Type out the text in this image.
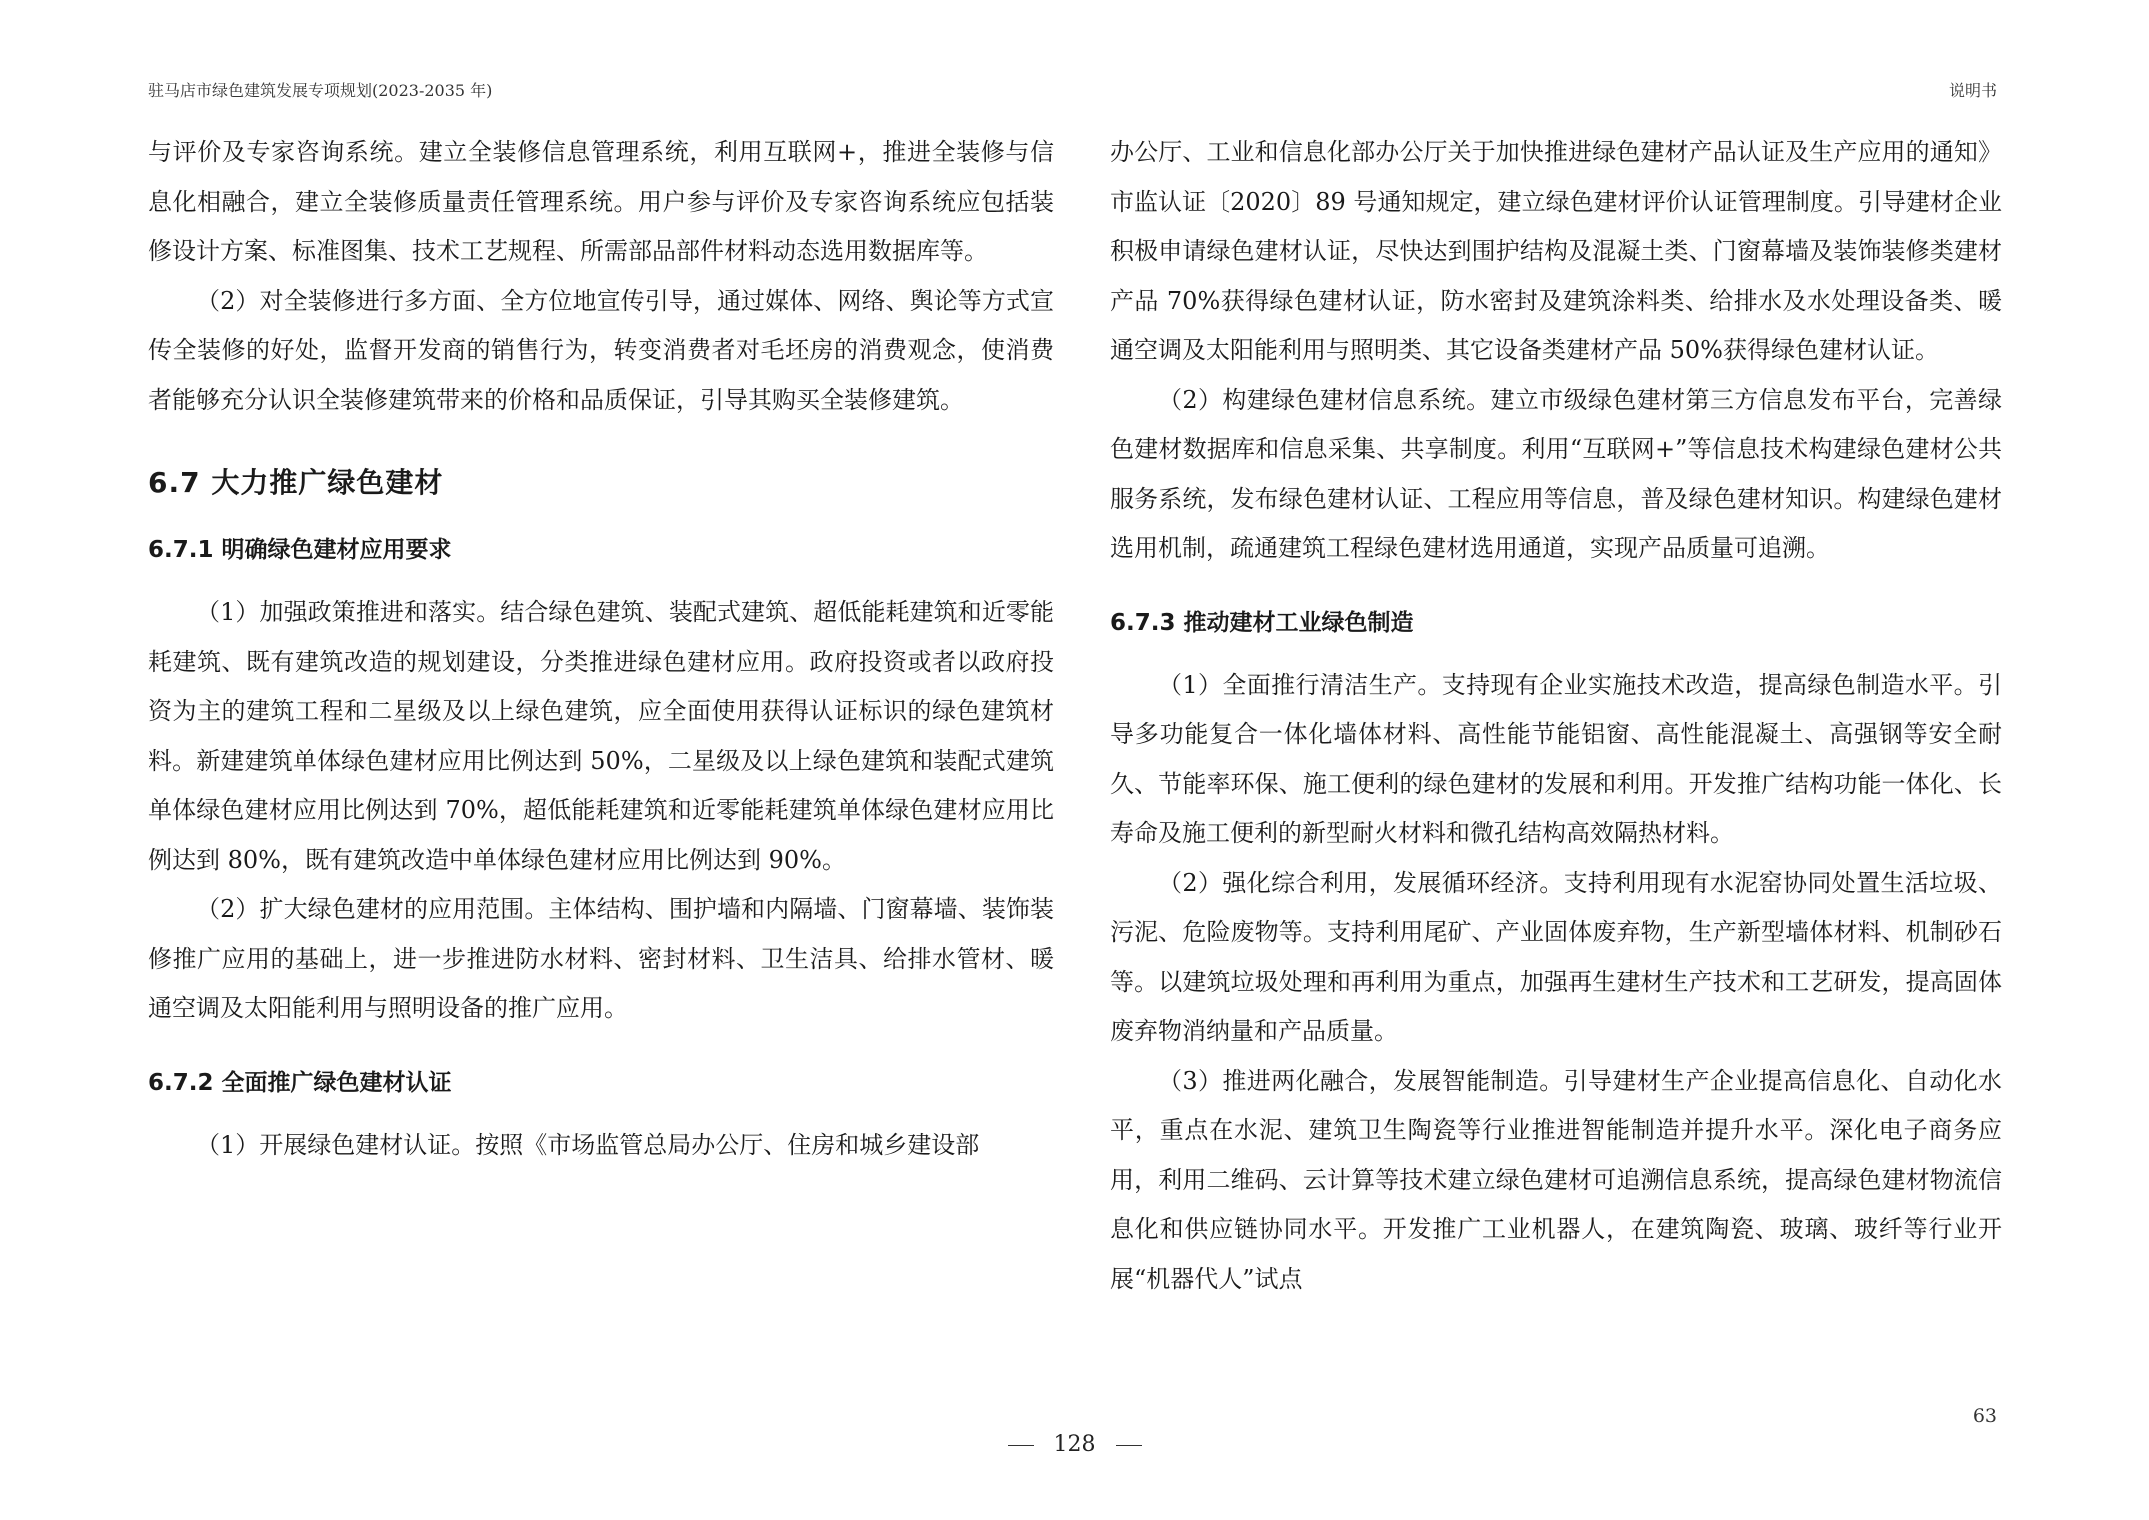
驻马店市绿色建筑发展专项规划(2023-2035 年)	说明书

与评价及专家咨询系统。建立全装修信息管理系统，利用互联网+，推进全装修与信息化相融合，建立全装修质量责任管理系统。用户参与评价及专家咨询系统应包括装修设计方案、标准图集、技术工艺规程、所需部品部件材料动态选用数据库等。

（2）对全装修进行多方面、全方位地宣传引导，通过媒体、网络、舆论等方式宣传全装修的好处，监督开发商的销售行为，转变消费者对毛坯房的消费观念，使消费者能够充分认识全装修建筑带来的价格和品质保证，引导其购买全装修建筑。

6.7 大力推广绿色建材
6.7.1 明确绿色建材应用要求

（1）加强政策推进和落实。结合绿色建筑、装配式建筑、超低能耗建筑和近零能耗建筑、既有建筑改造的规划建设，分类推进绿色建材应用。政府投资或者以政府投资为主的建筑工程和二星级及以上绿色建筑，应全面使用获得认证标识的绿色建筑材料。新建建筑单体绿色建材应用比例达到 50%，二星级及以上绿色建筑和装配式建筑单体绿色建材应用比例达到 70%，超低能耗建筑和近零能耗建筑单体绿色建材应用比例达到 80%，既有建筑改造中单体绿色建材应用比例达到 90%。

（2）扩大绿色建材的应用范围。主体结构、围护墙和内隔墙、门窗幕墙、装饰装修推广应用的基础上，进一步推进防水材料、密封材料、卫生洁具、给排水管材、暖通空调及太阳能利用与照明设备的推广应用。

6.7.2 全面推广绿色建材认证

（1）开展绿色建材认证。按照《市场监管总局办公厅、住房和城乡建设部

办公厅、工业和信息化部办公厅关于加快推进绿色建材产品认证及生产应用的通知》市监认证〔2020〕89 号通知规定，建立绿色建材评价认证管理制度。引导建材企业积极申请绿色建材认证，尽快达到围护结构及混凝土类、门窗幕墙及装饰装修类建材产品 70%获得绿色建材认证，防水密封及建筑涂料类、给排水及水处理设备类、暖通空调及太阳能利用与照明类、其它设备类建材产品 50%获得绿色建材认证。

（2）构建绿色建材信息系统。建立市级绿色建材第三方信息发布平台，完善绿色建材数据库和信息采集、共享制度。利用“互联网+”等信息技术构建绿色建材公共服务系统，发布绿色建材认证、工程应用等信息，普及绿色建材知识。构建绿色建材选用机制，疏通建筑工程绿色建材选用通道，实现产品质量可追溯。

6.7.3 推动建材工业绿色制造

（1）全面推行清洁生产。支持现有企业实施技术改造，提高绿色制造水平。引导多功能复合一体化墙体材料、高性能节能铝窗、高性能混凝土、高强钢等安全耐久、节能率环保、施工便利的绿色建材的发展和利用。开发推广结构功能一体化、长寿命及施工便利的新型耐火材料和微孔结构高效隔热材料。

（2）强化综合利用，发展循环经济。支持利用现有水泥窑协同处置生活垃圾、污泥、危险废物等。支持利用尾矿、产业固体废弃物，生产新型墙体材料、机制砂石等。以建筑垃圾处理和再利用为重点，加强再生建材生产技术和工艺研发，提高固体废弃物消纳量和产品质量。

（3）推进两化融合，发展智能制造。引导建材生产企业提高信息化、自动化水平，重点在水泥、建筑卫生陶瓷等行业推进智能制造并提升水平。深化电子商务应用，利用二维码、云计算等技术建立绿色建材可追溯信息系统，提高绿色建材物流信息化和供应链协同水平。开发推广工业机器人，在建筑陶瓷、玻璃、玻纤等行业开展“机器代人”试点

63
128
